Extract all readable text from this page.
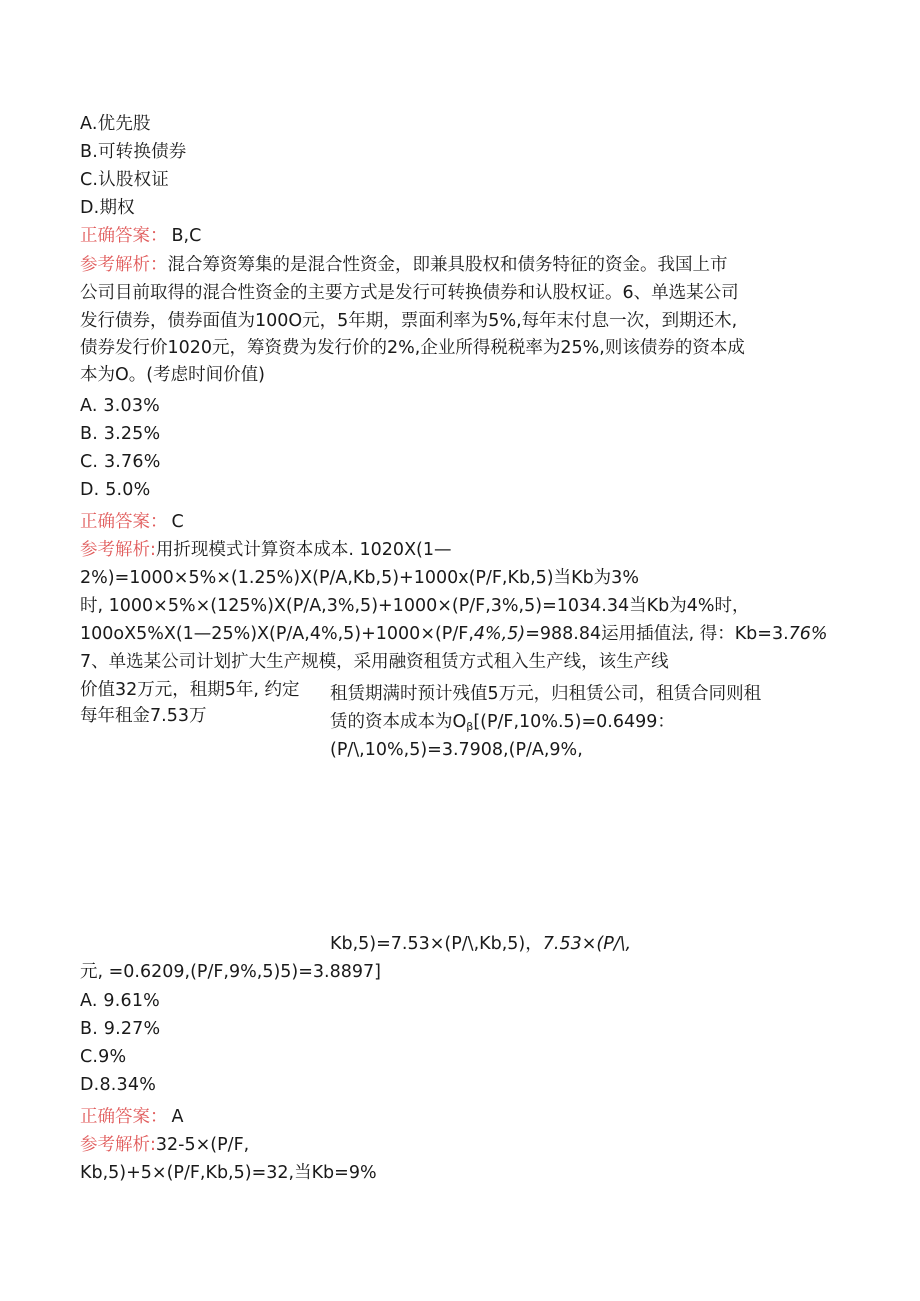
A.优先股
B.可转换债券
C.认股权证
D.期权
正确答案： B,C
参考解析：混合筹资筹集的是混合性资金，即兼具股权和债务特征的资金。我国上市
公司目前取得的混合性资金的主要方式是发行可转换债券和认股权证。6、单选某公司
发行债券，债券面值为100O元，5年期，票面利率为5%,每年末付息一次，到期还木,
债券发行价1020元，筹资费为发行价的2%,企业所得税税率为25%,则该债券的资本成
本为O。(考虑时间价值)
A. 3.03%
B. 3.25%
C. 3.76%
D. 5.0%
正确答案： C
参考解析:用折现模式计算资本成本. 1020X(1—
2%)=1000×5%×(1.25%)X(P/A,Kb,5)+1000x(P/F,Kb,5)当Kb为3%
时, 1000×5%×(125%)X(P/A,3%,5)+1000×(P/F,3%,5)=1034.34当Kb为4%时，
100oX5%X(1—25%)X(P/A,4%,5)+1000×(P/F,4%,5)=988.84运用插值法, 得：Kb=3.76%
7、单选某公司计划扩大生产规模，采用融资租赁方式租入生产线，该生产线
价值32万元，租期5年, 约定
每年租金7.53万
租赁期满时预计残值5万元，归租赁公司，租赁合同则租
赁的资本成本为$O_\beta[(P/F,10\%.5)=0.6499$：
(P/\,10%,5)=3.7908,(P/A,9%,
Kb,5)=7.53×(P/\,Kb,5)，7.53×(P/\,
元, =0.6209,(P/F,9%,5)5)=3.8897]
A. 9.61%
B. 9.27%
C.9%
D.8.34%
正确答案： A
参考解析:32-5×(P/F,
Kb,5)+5×(P/F,Kb,5)=32,当Kb=9%
